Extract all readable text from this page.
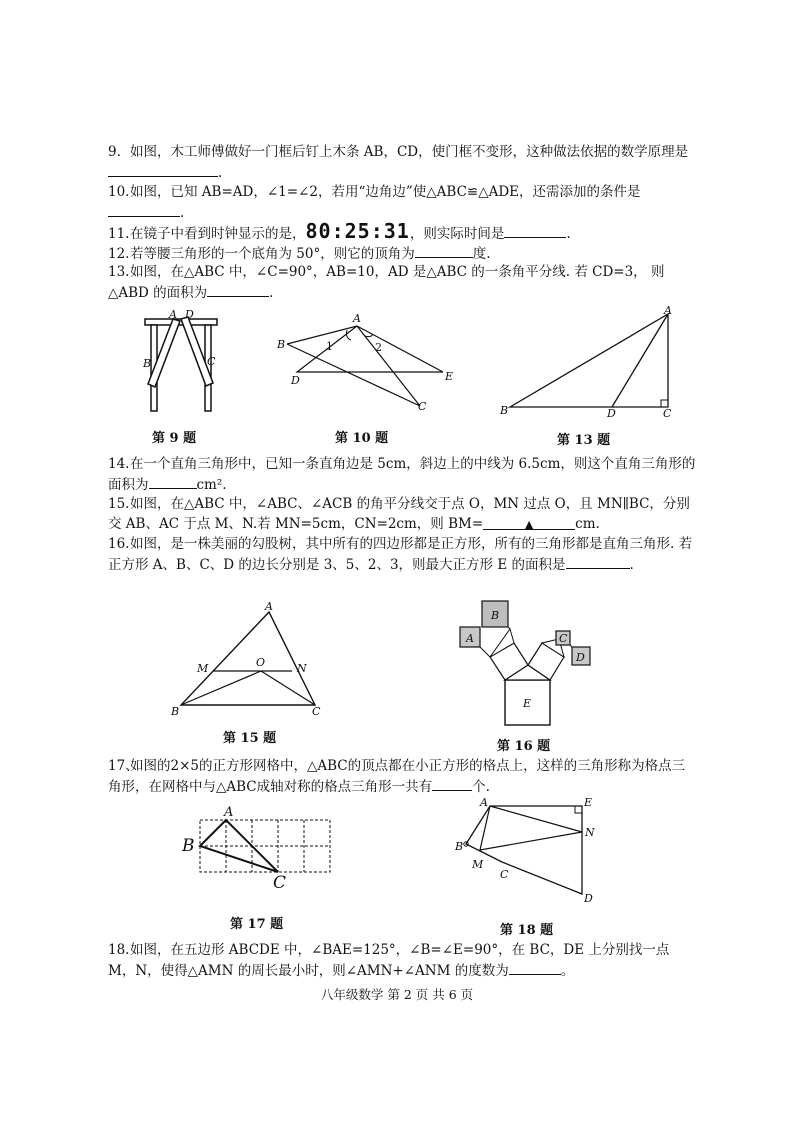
9. 如图，木工师傅做好一门框后钉上木条 AB，CD，使门框不变形，这种做法依据的数学原理是.
10.如图，已知 AB=AD，∠1=∠2，若用“边角边”使△ABC≌△ADE，还需添加的条件是.
11.在镜子中看到时钟显示的是，80:25:31，则实际时间是	.
12.若等腰三角形的一个底角为 50°，则它的顶角为	度.
13.如图，在△ABC 中，∠C=90°，AB=10，AD 是△ABC 的一条角平分线. 若 CD=3， 则△ABD 的面积为	.
A D
B	C
第 9 题
A
B
D	E
C
1	2
第 10 题
A
B	D	C
第 13 题
14.在一个直角三角形中，已知一条直角边是 5cm，斜边上的中线为 6.5cm，则这个直角三角形的面积为	cm².
15.如图，在△ABC 中，∠ABC、∠ACB 的角平分线交于点 O，MN 过点 O，且 MN∥BC，分别交 AB、AC 于点 M、N.若 MN=5cm，CN=2cm，则 BM=	▲	cm.
16.如图，是一株美丽的勾股树，其中所有的四边形都是正方形，所有的三角形都是直角三角形. 若正方形 A、B、C、D 的边长分别是 3、5、2、3，则最大正方形 E 的面积是	.
A
M	O	N
B	C
第 15 题
B
A	C
D
E
第 16 题
17、如图的2×5的正方形网格中，△ABC的顶点都在小正方形的格点上，这样的三角形称为格点三角形，在网格中与△ABC成轴对称的格点三角形一共有	个.
A
B
C
第 17 题
A	E
N
B
M
C
D
第 18 题
18.如图，在五边形 ABCDE 中，∠BAE=125°，∠B=∠E=90°，在 BC，DE 上分别找一点 M，N，使得△AMN 的周长最小时，则∠AMN+∠ANM 的度数为	。
八年级数学 第 2 页 共 6 页
